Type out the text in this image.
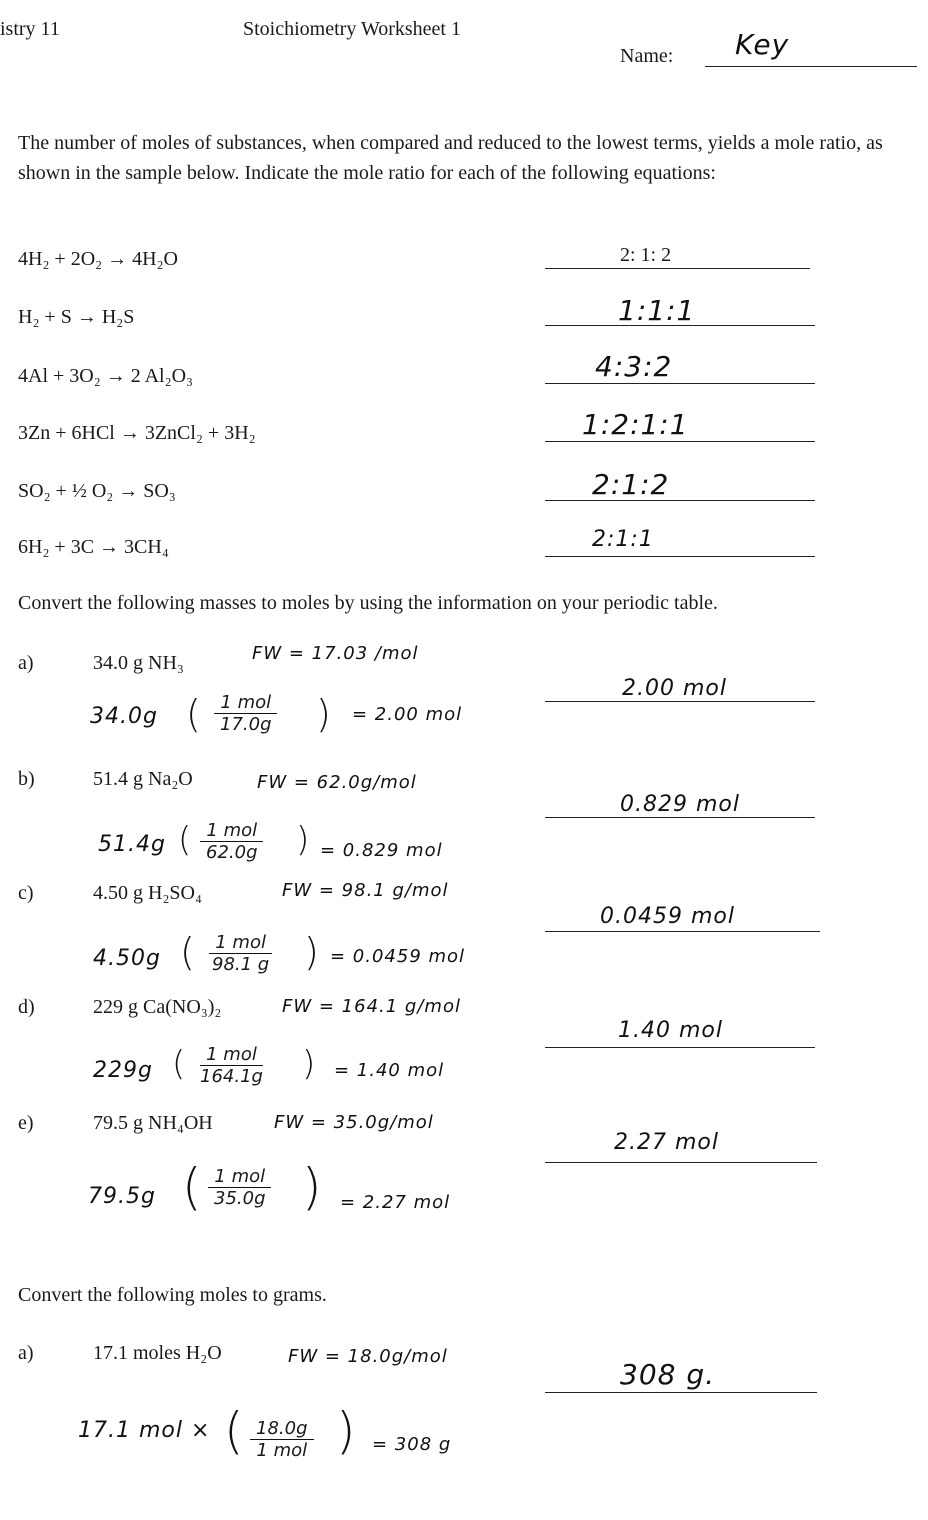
istry 11	Stoichiometry Worksheet 1
Name: Key
The number of moles of substances, when compared and reduced to the lowest terms, yields a mole ratio, as shown in the sample below. Indicate the mole ratio for each of the following equations:
4H₂ + 2O₂ → 4H₂O	2: 1: 2
H₂ + S → H₂S	1:1:1
4Al + 3O₂ → 2 Al₂O₃	4:3:2
3Zn + 6HCl → 3ZnCl₂ + 3H₂	1:2:1:1
SO₂ + ½ O₂ → SO₃	2:1:2
6H₂ + 3C → 3CH₄	2:1:1
Convert the following masses to moles by using the information on your periodic table.
a)	34.0 g NH₃	FW = 17.03 /mol
34.0g (	1 mol
17.0g ) = 2.00 mol
2.00 mol
b)	51.4 g Na₂O	FW = 62.0g/mol
51.4g ( 1 mol
62.0g ) = 0.829 mol
0.829 mol
c)	4.50 g H₂SO₄	FW = 98.1 g/mol
4.50g (	1 mol
98.1 g ) = 0.0459 mol
0.0459 mol
d)	229 g Ca(NO₃)₂	FW = 164.1 g/mol
229g (	1 mol
164.1g ) = 1.40 mol
1.40 mol
e)	79.5 g NH₄OH	FW = 35.0g/mol
79.5g ( 1 mol
35.0g ) = 2.27 mol
2.27 mol
Convert the following moles to grams.
a)	17.1 moles H₂O	FW = 18.0g/mol
17.1 mol × ( 18.0g
1 mol ) = 308 g
308 g.
